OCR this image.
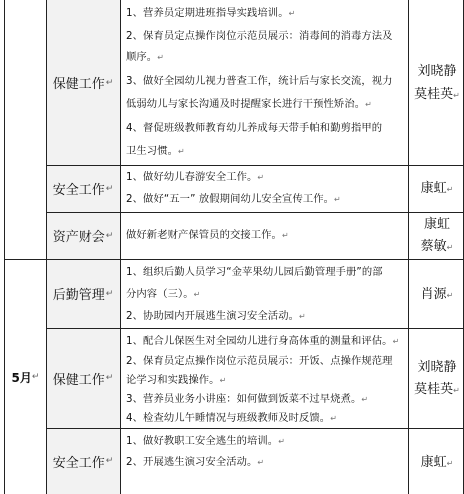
5月 ↵
保健工作 ↵
1、营养员定期进班指导实践培训。↵
2、保育员定点操作岗位示范员展示：消毒间的消毒方法及
顺序。↵
3、做好全园幼儿视力普查工作，统计后与家长交流，视力
低弱幼儿与家长沟通及时提醒家长进行干预性矫治。↵
4、督促班级教师教育幼儿养成每天带手帕和勤剪指甲的
卫生习惯。↵
刘晓静
莫桂英↵
安全工作 ↵
1、做好幼儿春游安全工作。↵
2、做好“五一” 放假期间幼儿安全宣传工作。↵
康虹↵
资产财会 ↵ 做好新老财产保管员的交接工作。↵
康虹
蔡敏↵
后勤管理 ↵
1、组织后勤人员学习“金苹果幼儿园后勤管理手册”的部
分内容（三）。↵
2、协助园内开展逃生演习安全活动。↵
肖源↵
保健工作 ↵
1、配合儿保医生对全园幼儿进行身高体重的测量和评估。↵
2、保育员定点操作岗位示范员展示：开饭、点操作规范理
论学习和实践操作。↵
3、营养员业务小讲座：如何做到饭菜不过早烧煮。↵
4、检查幼儿午睡情况与班级教师及时反馈。↵
刘晓静
莫桂英↵
安全工作 ↵
1、做好教职工安全逃生的培训。↵
2、开展逃生演习安全活动。↵	康虹↵
